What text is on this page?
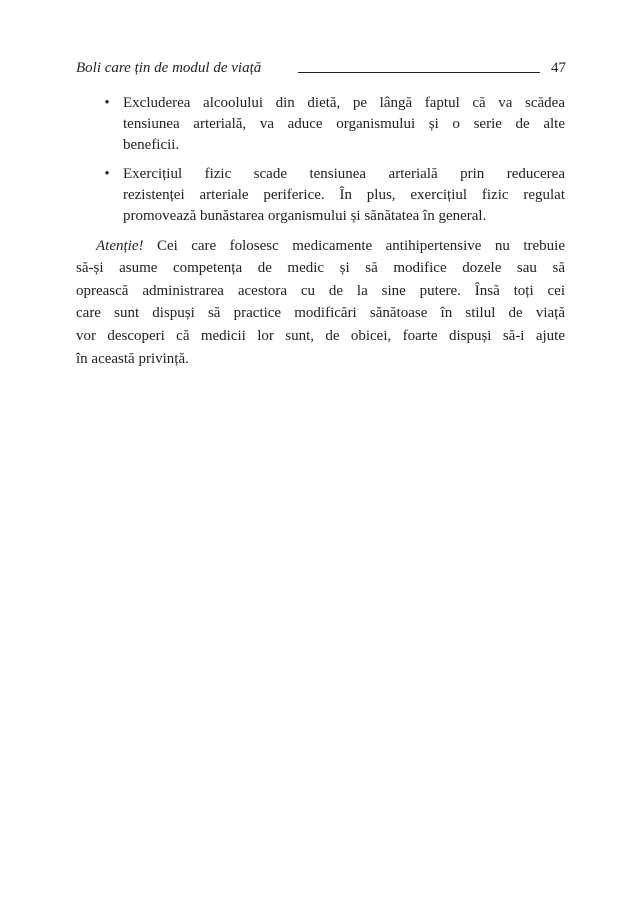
Boli care țin de modul de viață	47
• Excluderea alcoolului din dietă, pe lângă faptul că va scădea
tensiunea arterială, va aduce organismului și o serie de alte
beneficii.
• Exercițiul fizic scade tensiunea arterială prin reducerea
rezistenței arteriale periferice. În plus, exercițiul fizic regulat
promovează bunăstarea organismului și sănătatea în general.
Atenție! Cei care folosesc medicamente antihipertensive nu trebuie
să-și asume competența de medic și să modifice dozele sau să
oprească administrarea acestora cu de la sine putere. Însă toți cei
care sunt dispuși să practice modificări sănătoase în stilul de viață
vor descoperi că medicii lor sunt, de obicei, foarte dispuși să-i ajute
în această privință.
